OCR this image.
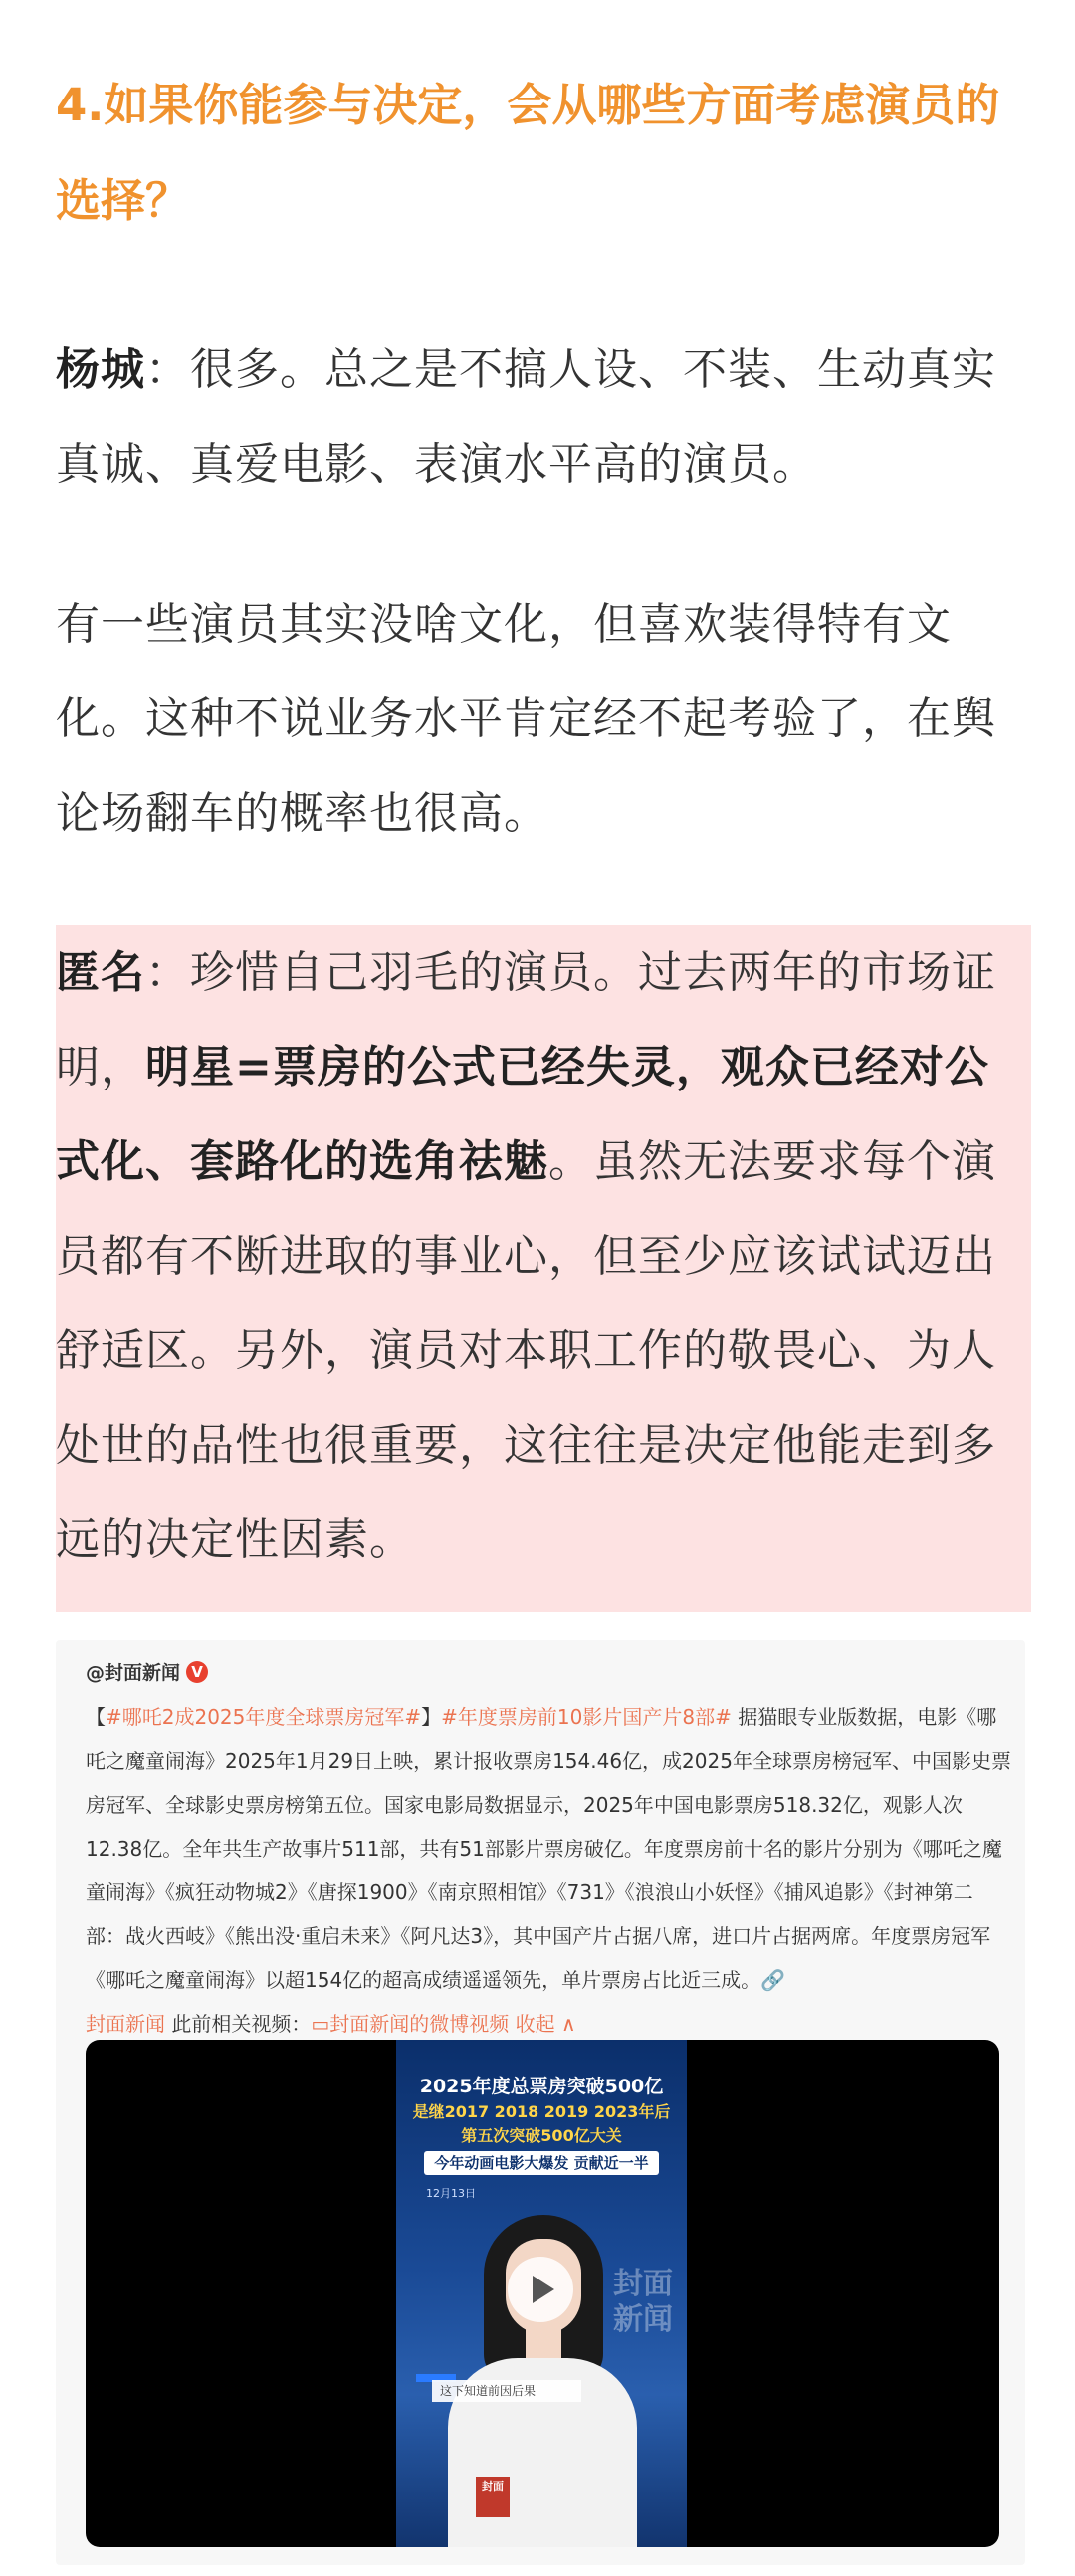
4.如果你能参与决定，会从哪些方面考虑演员的选择？
杨城：很多。总之是不搞人设、不装、生动真实真诚、真爱电影、表演水平高的演员。
有一些演员其实没啥文化，但喜欢装得特有文化。这种不说业务水平肯定经不起考验了，在舆论场翻车的概率也很高。
匿名：珍惜自己羽毛的演员。过去两年的市场证明，明星=票房的公式已经失灵，观众已经对公式化、套路化的选角祛魅。虽然无法要求每个演员都有不断进取的事业心，但至少应该试试迈出舒适区。另外，演员对本职工作的敬畏心、为人处世的品性也很重要，这往往是决定他能走到多远的决定性因素。
@封面新闻 V
【#哪吒2成2025年度全球票房冠军#】#年度票房前10影片国产片8部# 据猫眼专业版数据，电影《哪吒之魔童闹海》2025年1月29日上映，累计报收票房154.46亿，成2025年全球票房榜冠军、中国影史票房冠军、全球影史票房榜第五位。国家电影局数据显示，2025年中国电影票房518.32亿，观影人次12.38亿。全年共生产故事片511部，共有51部影片票房破亿。年度票房前十名的影片分别为《哪吒之魔童闹海》《疯狂动物城2》《唐探1900》《南京照相馆》《731》《浪浪山小妖怪》《捕风追影》《封神第二部：战火西岐》《熊出没·重启未来》《阿凡达3》，其中国产片占据八席，进口片占据两席。年度票房冠军《哪吒之魔童闹海》以超154亿的超高成绩遥遥领先，单片票房占比近三成。🔗
封面新闻 此前相关视频：▭封面新闻的微博视频 收起 ∧
2025年度总票房突破500亿
是继2017 2018 2019 2023年后
第五次突破500亿大关
今年动画电影大爆发 贡献近一半
12月13日
封面
新闻
这下知道前因后果
封面
